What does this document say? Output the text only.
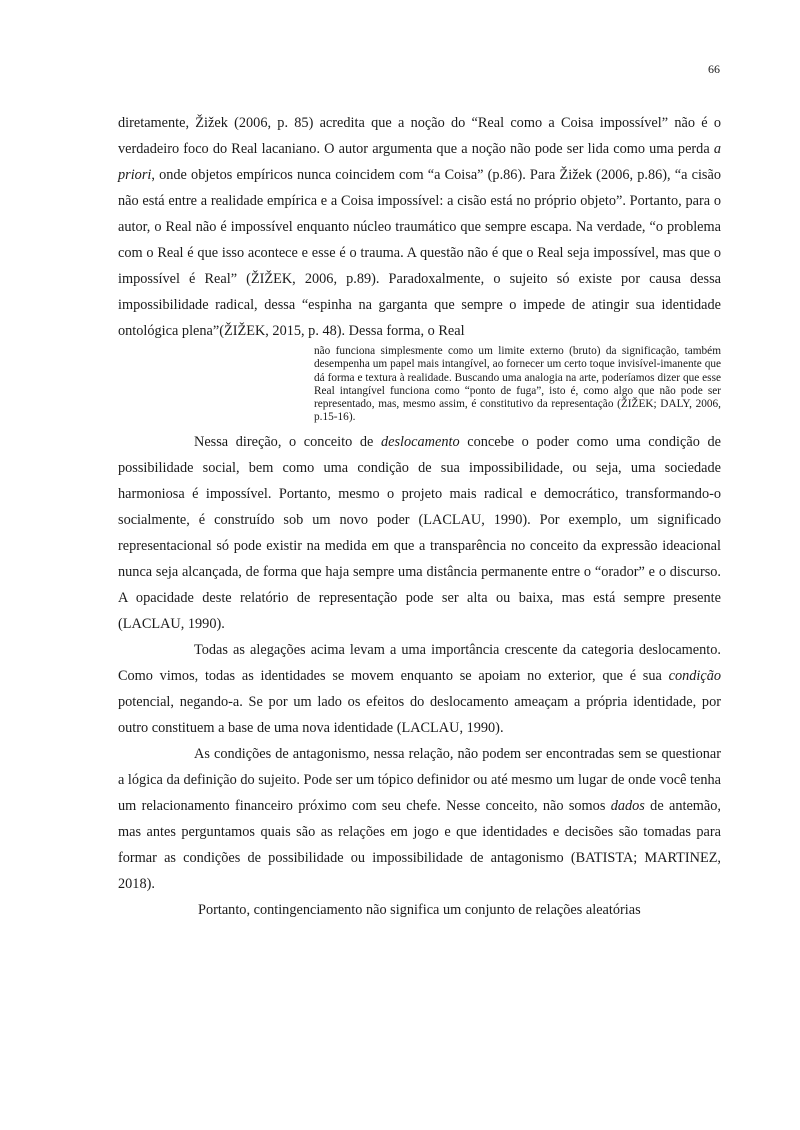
66

diretamente, Žižek (2006, p. 85) acredita que a noção do “Real como a Coisa impossível” não é o verdadeiro foco do Real lacaniano. O autor argumenta que a noção não pode ser lida como uma perda a priori, onde objetos empíricos nunca coincidem com “a Coisa” (p.86). Para Žižek (2006, p.86), “a cisão não está entre a realidade empírica e a Coisa impossível: a cisão está no próprio objeto”. Portanto, para o autor, o Real não é impossível enquanto núcleo traumático que sempre escapa. Na verdade, “o problema com o Real é que isso acontece e esse é o trauma. A questão não é que o Real seja impossível, mas que o impossível é Real” (ŽIŽEK, 2006, p.89). Paradoxalmente, o sujeito só existe por causa dessa impossibilidade radical, dessa “espinha na garganta que sempre o impede de atingir sua identidade ontológica plena”(ŽIŽEK, 2015, p. 48). Dessa forma, o Real

não funciona simplesmente como um limite externo (bruto) da significação, também desempenha um papel mais intangível, ao fornecer um certo toque invisível-imanente que dá forma e textura à realidade. Buscando uma analogia na arte, poderíamos dizer que esse Real intangível funciona como “ponto de fuga”, isto é, como algo que não pode ser representado, mas, mesmo assim, é constitutivo da representação (ŽIŽEK; DALY, 2006, p.15-16).

Nessa direção, o conceito de deslocamento concebe o poder como uma condição de possibilidade social, bem como uma condição de sua impossibilidade, ou seja, uma sociedade harmoniosa é impossível. Portanto, mesmo o projeto mais radical e democrático, transformando-o socialmente, é construído sob um novo poder (LACLAU, 1990). Por exemplo, um significado representacional só pode existir na medida em que a transparência no conceito da expressão ideacional nunca seja alcançada, de forma que haja sempre uma distância permanente entre o “orador” e o discurso. A opacidade deste relatório de representação pode ser alta ou baixa, mas está sempre presente (LACLAU, 1990).

Todas as alegações acima levam a uma importância crescente da categoria deslocamento. Como vimos, todas as identidades se movem enquanto se apoiam no exterior, que é sua condição potencial, negando-a. Se por um lado os efeitos do deslocamento ameaçam a própria identidade, por outro constituem a base de uma nova identidade (LACLAU, 1990).

As condições de antagonismo, nessa relação, não podem ser encontradas sem se questionar a lógica da definição do sujeito. Pode ser um tópico definidor ou até mesmo um lugar de onde você tenha um relacionamento financeiro próximo com seu chefe. Nesse conceito, não somos dados de antemão, mas antes perguntamos quais são as relações em jogo e que identidades e decisões são tomadas para formar as condições de possibilidade ou impossibilidade de antagonismo (BATISTA; MARTINEZ, 2018).

Portanto, contingenciamento não significa um conjunto de relações aleatórias
